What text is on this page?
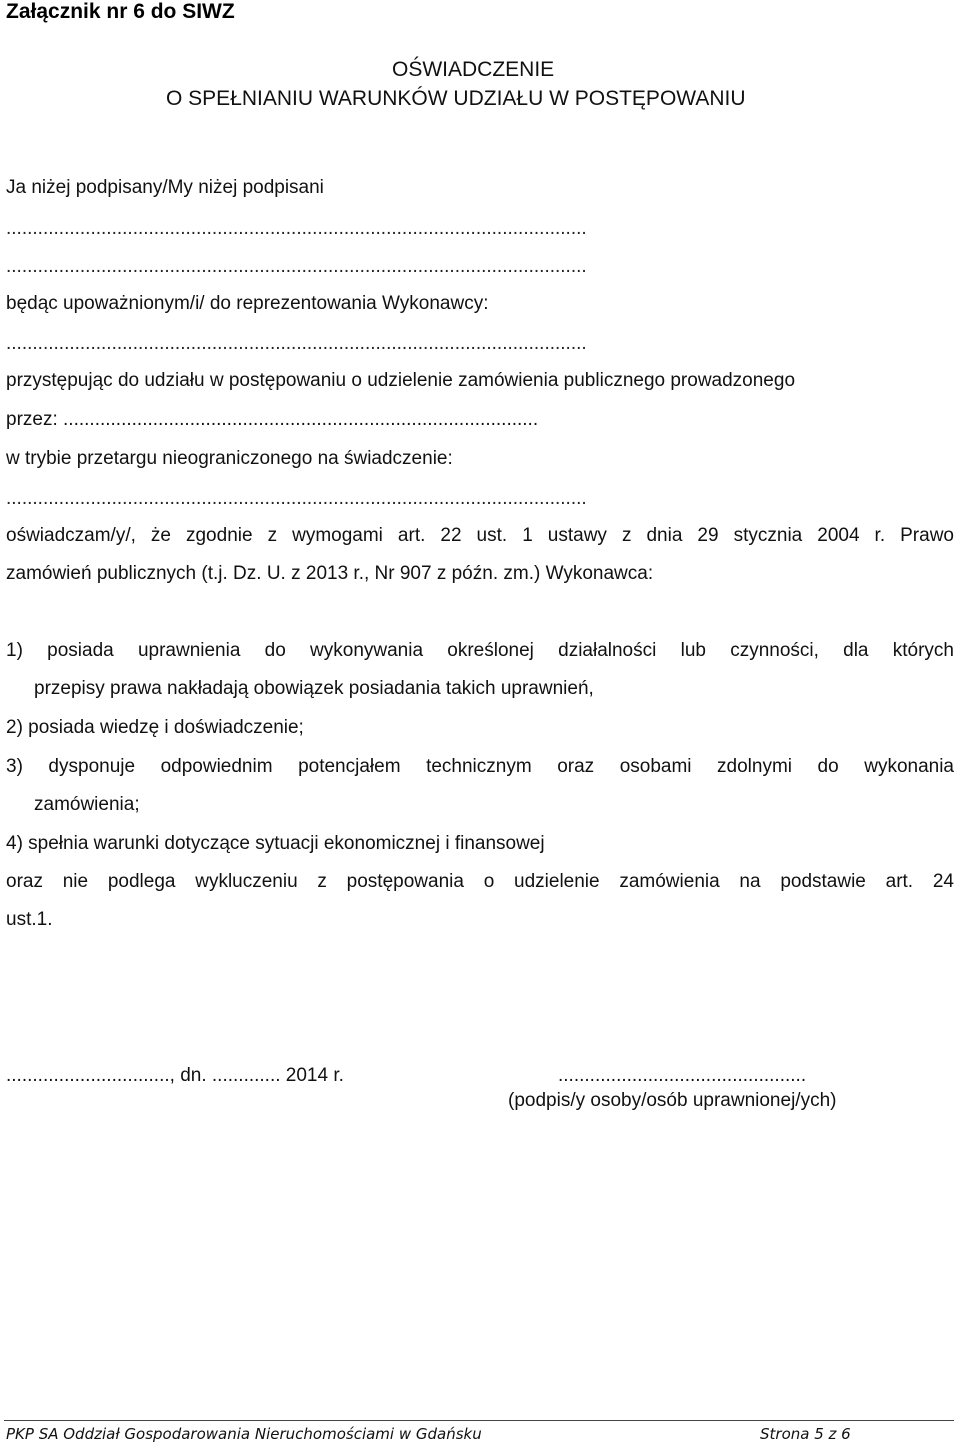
Załącznik nr 6 do SIWZ

OŚWIADCZENIE

O SPEŁNIANIU WARUNKÓW UDZIAŁU W POSTĘPOWANIU

Ja niżej podpisany/My niżej podpisani

..............................................................................................................

..............................................................................................................

będąc upoważnionym/i/ do reprezentowania Wykonawcy:

..............................................................................................................

przystępując do udziału w postępowaniu o udzielenie zamówienia publicznego prowadzonego

przez: ..........................................................................................

w trybie przetargu nieograniczonego na świadczenie:

..............................................................................................................

oświadczam/y/, że zgodnie z wymogami art. 22 ust. 1 ustawy z dnia 29 stycznia 2004 r. Prawo

zamówień publicznych (t.j. Dz. U. z 2013 r., Nr 907 z późn. zm.) Wykonawca:

1) posiada uprawnienia do wykonywania określonej działalności lub czynności, dla których

przepisy prawa nakładają obowiązek posiadania takich uprawnień,

2) posiada wiedzę i doświadczenie;

3) dysponuje odpowiednim potencjałem technicznym oraz osobami zdolnymi do wykonania

zamówienia;

4) spełnia warunki dotyczące sytuacji ekonomicznej i finansowej

oraz nie podlega wykluczeniu z postępowania o udzielenie zamówienia na podstawie art. 24

ust.1.

..............................., dn. ............. 2014 r.	...............................................

(podpis/y osoby/osób uprawnionej/ych)

PKP SA Oddział Gospodarowania Nieruchomościami w Gdańsku	Strona 5 z 6
